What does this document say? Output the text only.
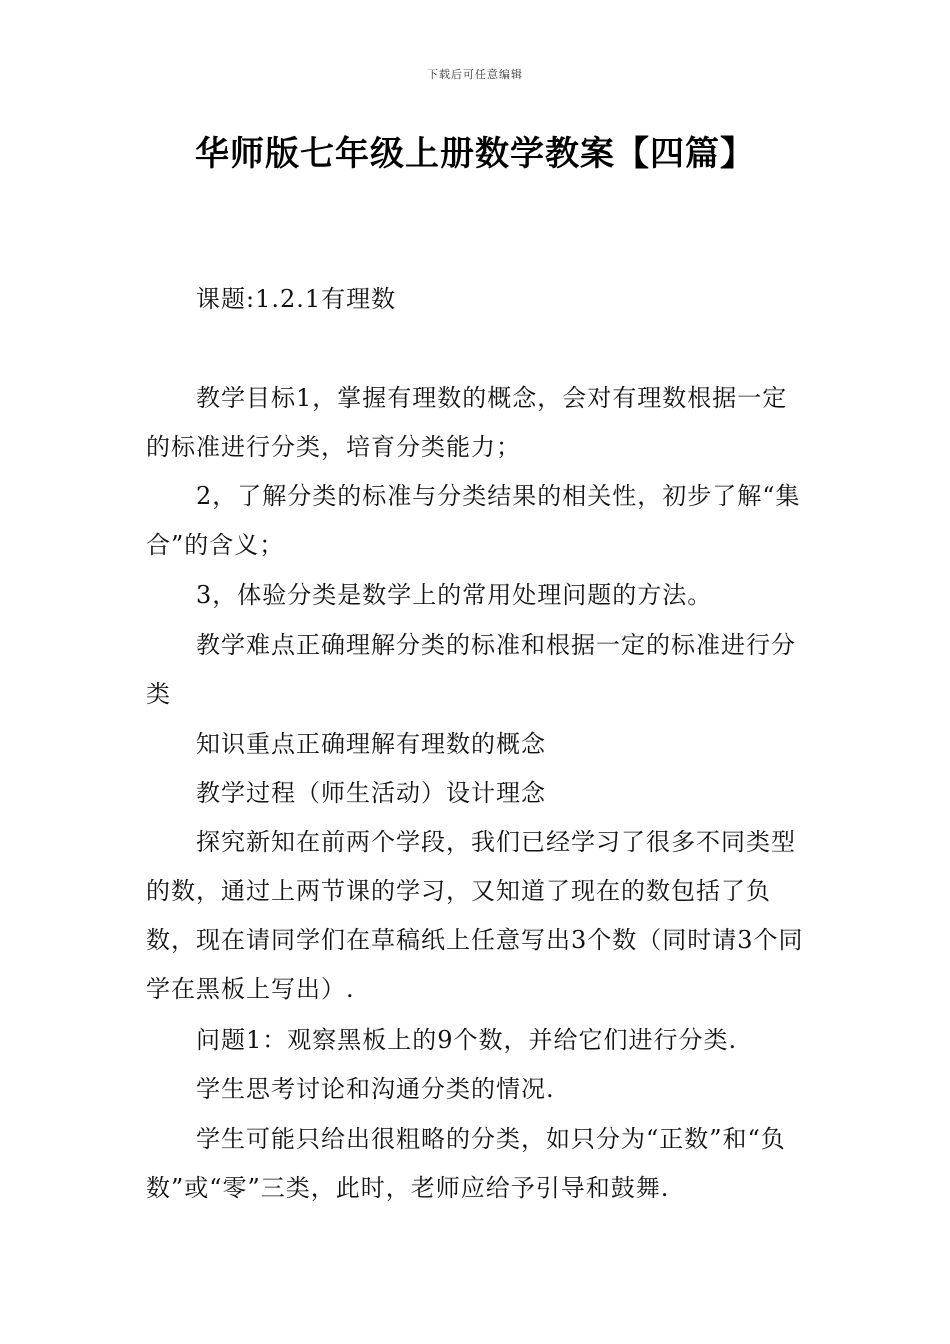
下载后可任意编辑
华师版七年级上册数学教案【四篇】

课题:1.2.1有理数

教学目标1，掌握有理数的概念，会对有理数根据一定的标准进行分类，培育分类能力；

2，了解分类的标准与分类结果的相关性，初步了解“集合”的含义；

3，体验分类是数学上的常用处理问题的方法。

教学难点正确理解分类的标准和根据一定的标准进行分类

知识重点正确理解有理数的概念

教学过程（师生活动）设计理念

探究新知在前两个学段，我们已经学习了很多不同类型的数，通过上两节课的学习，又知道了现在的数包括了负数，现在请同学们在草稿纸上任意写出3个数（同时请3个同学在黑板上写出）.

问题1：观察黑板上的9个数，并给它们进行分类.

学生思考讨论和沟通分类的情况.

学生可能只给出很粗略的分类，如只分为“正数”和“负数”或“零”三类，此时，老师应给予引导和鼓舞.
